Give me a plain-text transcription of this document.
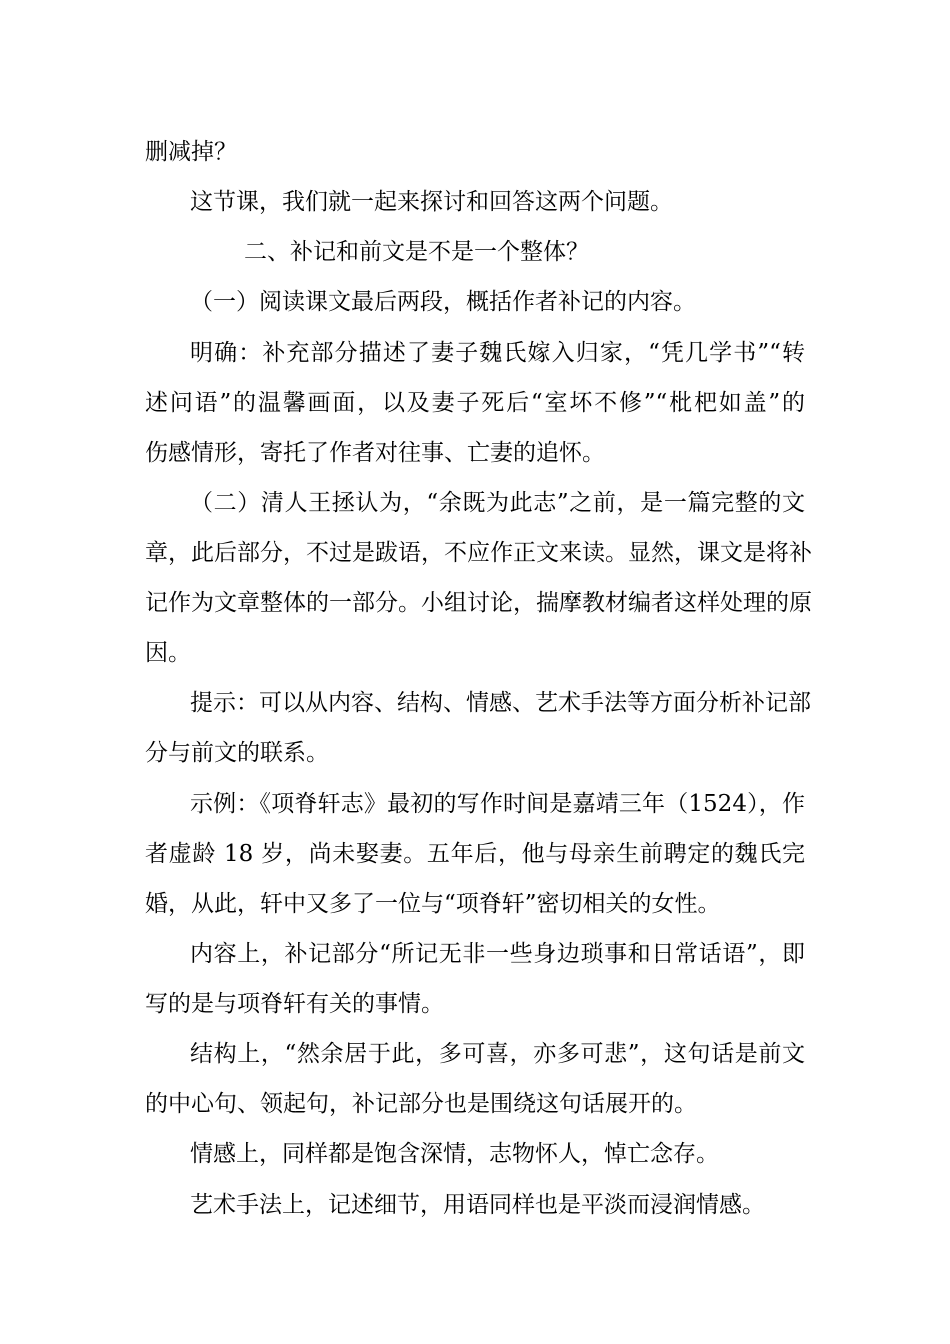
删减掉？
这节课，我们就一起来探讨和回答这两个问题。
二、补记和前文是不是一个整体？
（一）阅读课文最后两段，概括作者补记的内容。
明确：补充部分描述了妻子魏氏嫁入归家，“凭几学书”“转
述问语”的温馨画面，以及妻子死后“室坏不修”“枇杷如盖”的
伤感情形，寄托了作者对往事、亡妻的追怀。
（二）清人王拯认为，“余既为此志”之前，是一篇完整的文
章，此后部分，不过是跋语，不应作正文来读。显然，课文是将补
记作为文章整体的一部分。小组讨论，揣摩教材编者这样处理的原
因。
提示：可以从内容、结构、情感、艺术手法等方面分析补记部
分与前文的联系。
示例：《项脊轩志》最初的写作时间是嘉靖三年（1524），作
者虚龄 18 岁，尚未娶妻。五年后，他与母亲生前聘定的魏氏完
婚，从此，轩中又多了一位与“项脊轩”密切相关的女性。
内容上，补记部分“所记无非一些身边琐事和日常话语”，即
写的是与项脊轩有关的事情。
结构上，“然余居于此，多可喜，亦多可悲”，这句话是前文
的中心句、领起句，补记部分也是围绕这句话展开的。
情感上，同样都是饱含深情，志物怀人，悼亡念存。
艺术手法上，记述细节，用语同样也是平淡而浸润情感。
